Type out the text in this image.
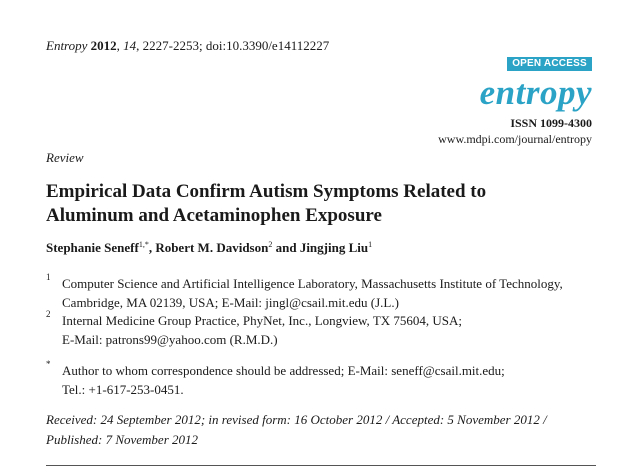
Entropy 2012, 14, 2227-2253; doi:10.3390/e14112227
OPEN ACCESS
entropy
ISSN 1099-4300
www.mdpi.com/journal/entropy
Review
Empirical Data Confirm Autism Symptoms Related to
Aluminum and Acetaminophen Exposure
Stephanie Seneff$^{1,*}$, Robert M. Davidson$^2$ and Jingjing Liu$^1$
1 Computer Science and Artificial Intelligence Laboratory, Massachusetts Institute of Technology,
Cambridge, MA 02139, USA; E-Mail: jingl@csail.mit.edu (J.L.)
2 Internal Medicine Group Practice, PhyNet, Inc., Longview, TX 75604, USA;
E-Mail: patrons99@yahoo.com (R.M.D.)
* Author to whom correspondence should be addressed; E-Mail: seneff@csail.mit.edu;
Tel.: +1-617-253-0451.
Received: 24 September 2012; in revised form: 16 October 2012 / Accepted: 5 November 2012 /
Published: 7 November 2012
